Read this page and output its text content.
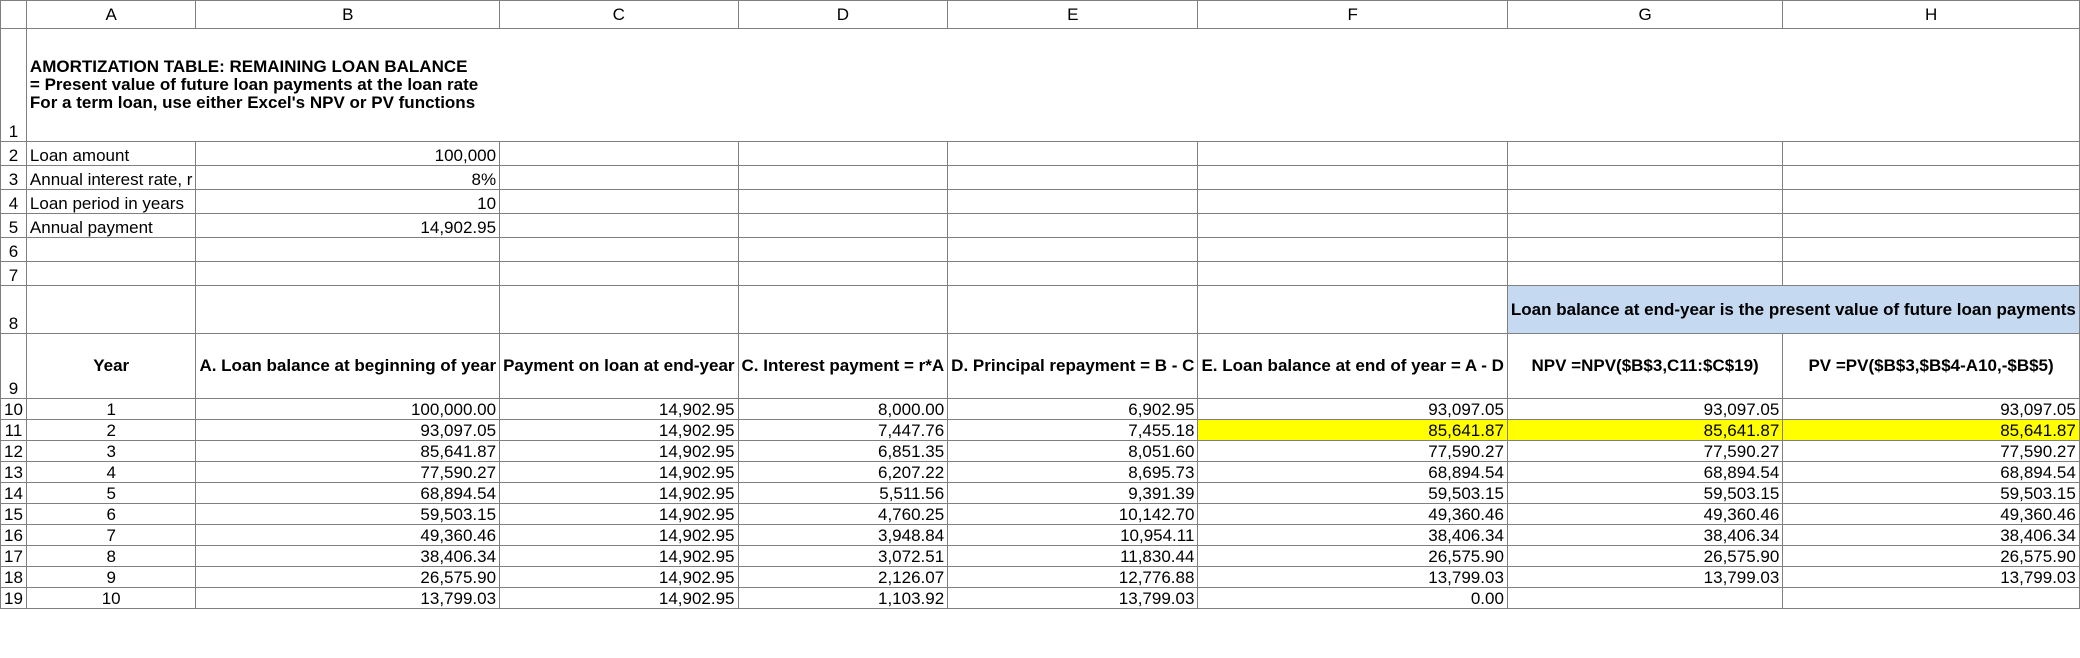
	A	B	C	D	E	F	G	H
1	AMORTIZATION TABLE: REMAINING LOAN BALANCE
= Present value of future loan payments at the loan rate
For a term loan, use either Excel's NPV or PV functions							

2	Loan amount	100,000						
3	Annual interest rate, r	8%						
4	Loan period in years	10						
5	Annual payment	14,902.95						
6								
7								
8							Loan balance at end-year is the present value of future loan payments	
9	Year	A. Loan balance at beginning of year	Payment on loan at end-year	C. Interest payment = r*A	D. Principal repayment = B - C	E. Loan balance at end of year = A - D	NPV =NPV($B$3,C11:$C$19)	PV =PV($B$3,$B$4-A10,-$B$5)
10	1	100,000.00	14,902.95	8,000.00	6,902.95	93,097.05	93,097.05	93,097.05
11	2	93,097.05	14,902.95	7,447.76	7,455.18	85,641.87	85,641.87	85,641.87
12	3	85,641.87	14,902.95	6,851.35	8,051.60	77,590.27	77,590.27	77,590.27
13	4	77,590.27	14,902.95	6,207.22	8,695.73	68,894.54	68,894.54	68,894.54
14	5	68,894.54	14,902.95	5,511.56	9,391.39	59,503.15	59,503.15	59,503.15
15	6	59,503.15	14,902.95	4,760.25	10,142.70	49,360.46	49,360.46	49,360.46
16	7	49,360.46	14,902.95	3,948.84	10,954.11	38,406.34	38,406.34	38,406.34
17	8	38,406.34	14,902.95	3,072.51	11,830.44	26,575.90	26,575.90	26,575.90
18	9	26,575.90	14,902.95	2,126.07	12,776.88	13,799.03	13,799.03	13,799.03
19	10	13,799.03	14,902.95	1,103.92	13,799.03	0.00		
